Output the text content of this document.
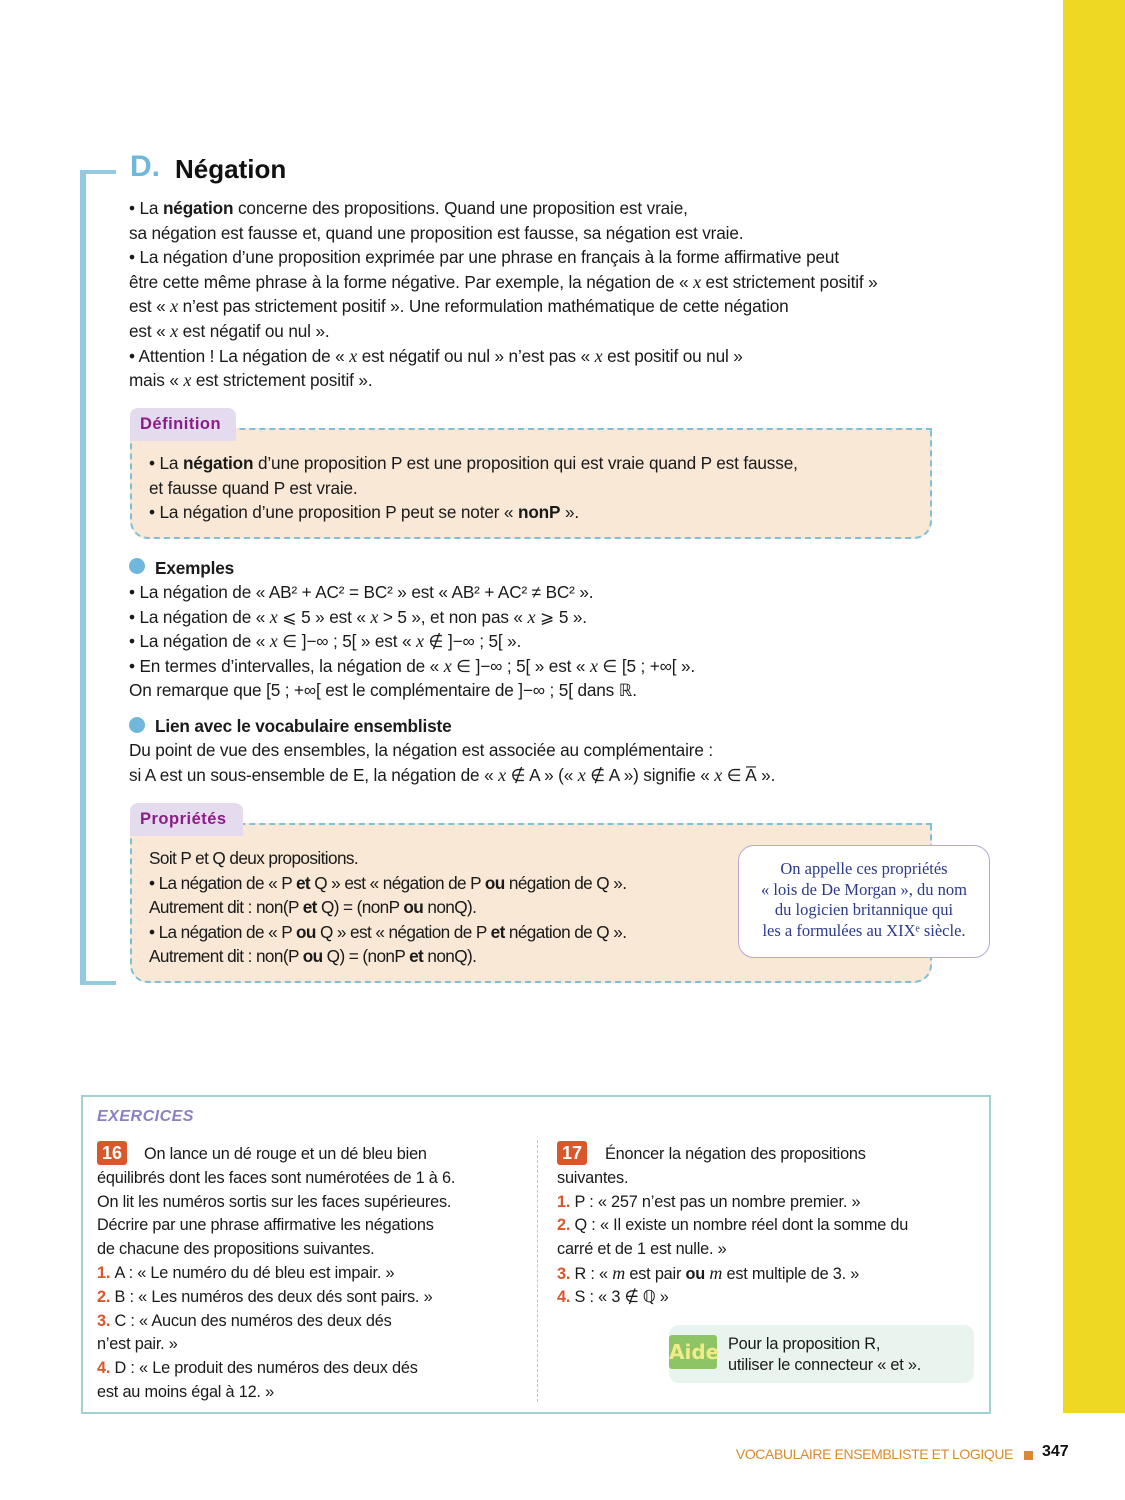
D. Négation
Définition
Exemples
Lien avec le vocabulaire ensembliste
Propriétés
On appelle ces propriétés
« lois de De Morgan », du nom
du logicien britannique qui
les a formulées au XIXᵉ siècle.
EXERCICES
16	17
Aide Pour la proposition R,
utiliser le connecteur « et ».
VOCABULAIRE ENSEMBLISTE ET LOGIQUE 347
• La négation concerne des propositions. Quand une proposition est vraie,
sa négation est fausse et, quand une proposition est fausse, sa négation est vraie.
• La négation d’une proposition exprimée par une phrase en français à la forme affirmative peut
être cette même phrase à la forme négative. Par exemple, la négation de « x est strictement positif »
est « x n’est pas strictement positif ». Une reformulation mathématique de cette négation
est « x est négatif ou nul ».
• Attention ! La négation de « x est négatif ou nul » n’est pas « x est positif ou nul »
mais « x est strictement positif ».
• La négation d’une proposition P est une proposition qui est vraie quand P est fausse,
et fausse quand P est vraie.
• La négation d’une proposition P peut se noter « nonP ».
• La négation de « AB² + AC² = BC² » est « AB² + AC² ≠ BC² ».
• La négation de « x ⩽ 5 » est « x > 5 », et non pas « x ⩾ 5 ».
• La négation de « x ∈ ]−∞ ; 5[ » est « x ∉ ]−∞ ; 5[ ».
• En termes d’intervalles, la négation de « x ∈ ]−∞ ; 5[ » est « x ∈ [5 ; +∞[ ».
On remarque que [5 ; +∞[ est le complémentaire de ]−∞ ; 5[ dans ℝ.
Du point de vue des ensembles, la négation est associée au complémentaire :
si A est un sous-ensemble de E, la négation de « x ∉ A » (« x ∉ A ») signifie « x ∈ A̅ ».
Soit P et Q deux propositions.
• La négation de « P et Q » est « négation de P ou négation de Q ».
Autrement dit : non(P et Q) = (nonP ou nonQ).
• La négation de « P ou Q » est « négation de P et négation de Q ».
Autrement dit : non(P ou Q) = (nonP et nonQ).
On lance un dé rouge et un dé bleu bien
équilibrés dont les faces sont numérotées de 1 à 6.
On lit les numéros sortis sur les faces supérieures.
Décrire par une phrase affirmative les négations
de chacune des propositions suivantes.
1. A : « Le numéro du dé bleu est impair. »
2. B : « Les numéros des deux dés sont pairs. »
3. C : « Aucun des numéros des deux dés
n’est pair. »
4. D : « Le produit des numéros des deux dés
est au moins égal à 12. »
Énoncer la négation des propositions
suivantes.
1. P : « 257 n’est pas un nombre premier. »
2. Q : « Il existe un nombre réel dont la somme du
carré et de 1 est nulle. »
3. R : « m est pair ou m est multiple de 3. »
4. S : « 3 ∉ ℚ »
